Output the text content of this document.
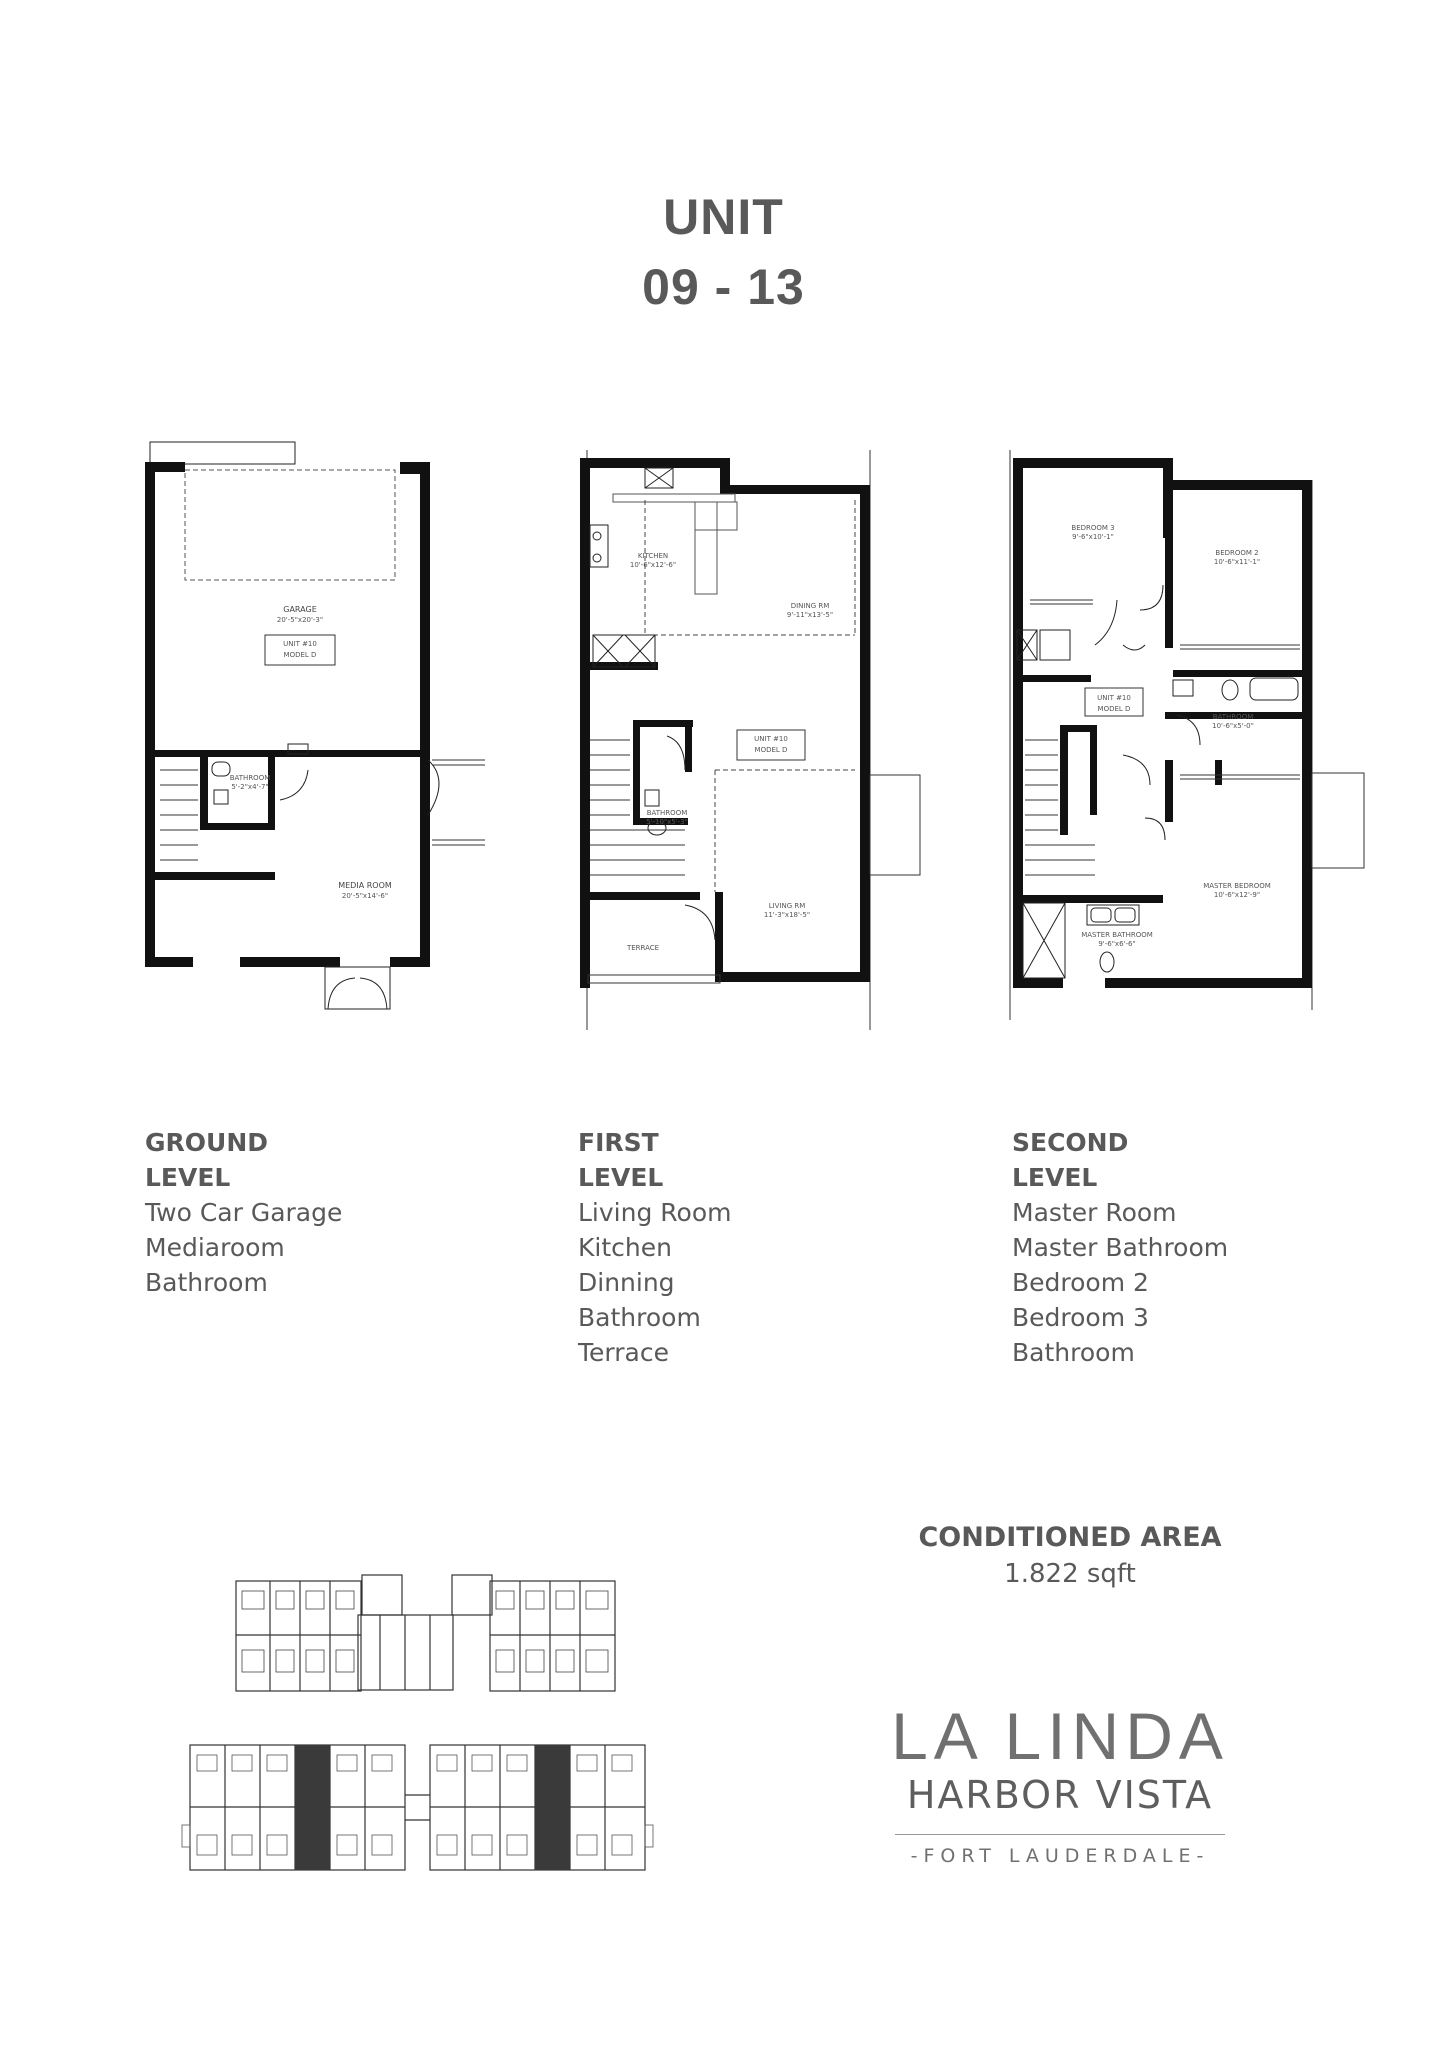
UNIT
09 - 13
GARAGE
20'-5"x20'-3"
UNIT #10
MODEL D
BATHROOM
5'-2"x4'-7"
MEDIA ROOM
20'-5"x14'-6"
KITCHEN
10'-6"x12'-6"
DINING RM
9'-11"x13'-5"
UNIT #10
MODEL D
BATHROOM
5'-10"x5'-3"
LIVING RM
11'-3"x18'-5"
TERRACE
BEDROOM 3
9'-6"x10'-1"
BEDROOM 2
10'-6"x11'-1"
UNIT #10
MODEL D
BATHROOM
10'-6"x5'-0"
MASTER BEDROOM
10'-6"x12'-9"
MASTER BATHROOM
9'-6"x6'-6"
GROUND
LEVEL
Two Car Garage
Mediaroom
Bathroom
FIRST
LEVEL
Living Room
Kitchen
Dinning
Bathroom
Terrace
SECOND
LEVEL
Master Room
Master Bathroom
Bedroom 2
Bedroom 3
Bathroom
CONDITIONED AREA
1.822 sqft
LA LINDA
HARBOR VISTA
-FORT LAUDERDALE-
